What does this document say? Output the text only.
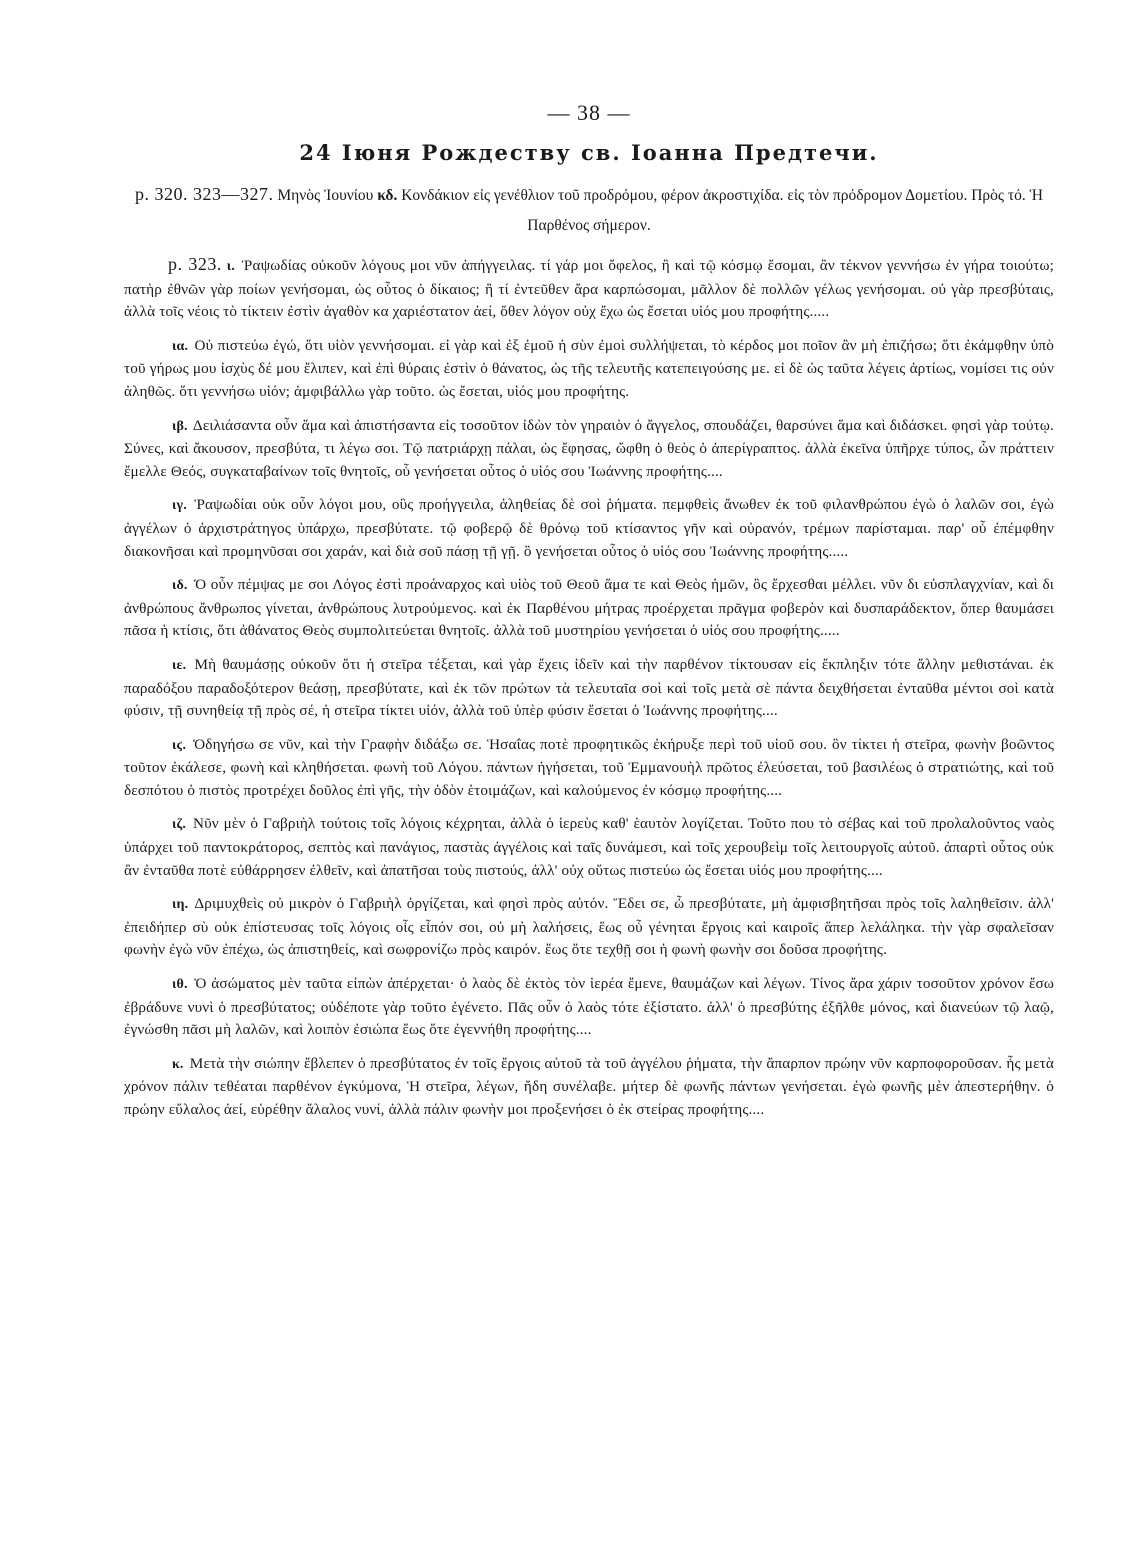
— 38 —
24 Іюня Рождеству св. Іоанна Предтечи.
p. 320. 323—327. Μηνὸς Ἰουνίου κδ. Κονδάκιον εἰς γενέθλιον τοῦ προδρόμου, φέρον ἀκροστιχίδα. εἰς τὸν πρόδρομον Δομετίου. Πρὸς τό. Ἡ Παρθένος σήμερον.
p. 323. ι. Ῥαψωδίας οὐκοῦν λόγους μοι νῦν ἀπήγγειλας. τί γάρ μοι ὄφελος, ἢ καὶ τῷ κόσμῳ ἔσομαι, ἂν τέκνον γεννήσω ἐν γήρα τοιούτω; πατὴρ ἐθνῶν γὰρ ποίων γενήσομαι, ὡς οὗτος ὁ δίκαιος; ἢ τί ἐντεῦθεν ἄρα καρπώσομαι, μᾶλλον δὲ πολλῶν γέλως γενήσομαι. οὐ γὰρ πρεσβύταις, ἀλλὰ τοῖς νέοις τὸ τίκτειν ἐστὶν ἀγαθὸν κα χαριέστατον ἀεί, ὅθεν λόγον οὐχ ἔχω ὡς ἔσεται υἱός μου προφήτης.....
ια. Οὐ πιστεύω ἐγώ, ὅτι υἱὸν γεννήσομαι. εἰ γὰρ καὶ ἐξ ἐμοῦ ἡ σὺν ἐμοὶ συλλήψεται, τὸ κέρδος μοι ποῖον ἂν μὴ ἐπιζήσω; ὅτι ἐκάμφθην ὑπὸ τοῦ γήρως μου ἰσχὺς δέ μου ἔλιπεν, καὶ ἐπὶ θύραις ἐστὶν ὁ θάνατος, ὡς τῆς τελευτῆς κατεπειγούσης με. εἰ δὲ ὡς ταῦτα λέγεις ἀρτίως, νομίσει τις οὐν ἀληθῶς. ὅτι γεννήσω υἱόν; ἀμφιβάλλω γὰρ τοῦτο. ὡς ἔσεται, υἱός μου προφήτης.
ιβ. Δειλιάσαντα οὖν ἅμα καὶ ἀπιστήσαντα εἰς τοσοῦτον ἰδὼν τὸν γηραιὸν ὁ ἄγγελος, σπουδάζει, θαρσύνει ἅμα καὶ διδάσκει. φησὶ γὰρ τούτῳ. Σύνες, καὶ ἄκουσον, πρεσβύτα, τι λέγω σοι. Τῷ πατριάρχῃ πάλαι, ὡς ἔφησας, ὤφθη ὁ θεὸς ὁ ἀπερίγραπτος. ἀλλὰ ἐκεῖνα ὑπῆρχε τύπος, ὧν πράττειν ἔμελλε Θεός, συγκαταβαίνων τοῖς θνητοῖς, οὗ γενήσεται οὗτος ὁ υἱός σου Ἰωάννης προφήτης....
ιγ. Ῥαψωδίαι οὐκ οὖν λόγοι μου, οὓς προήγγειλα, ἀληθείας δὲ σοὶ ῥήματα. πεμφθεὶς ἄνωθεν ἐκ τοῦ φιλανθρώπου ἐγὼ ὁ λαλῶν σοι, ἐγὼ ἀγγέλων ὁ ἀρχιστράτηγος ὑπάρχω, πρεσβύτατε. τῷ φοβερῷ δὲ θρόνῳ τοῦ κτίσαντος γῆν καὶ οὐρανόν, τρέμων παρίσταμαι. παρ' οὗ ἐπέμφθην διακονῆσαι καὶ προμηνῦσαι σοι χαράν, καὶ διὰ σοῦ πάσῃ τῇ γῇ. ὃ γενήσεται οὗτος ὁ υἱός σου Ἰωάννης προφήτης.....
ιδ. Ὁ οὖν πέμψας με σοι Λόγος ἐστὶ προάναρχος καὶ υἱὸς τοῦ Θεοῦ ἅμα τε καὶ Θεὸς ἡμῶν, ὃς ἔρχεσθαι μέλλει. νῦν δι εὐσπλαγχνίαν, καὶ δι ἀνθρώπους ἄνθρωπος γίνεται, ἀνθρώπους λυτρούμενος. καὶ ἐκ Παρθένου μήτρας προέρχεται πρᾶγμα φοβερὸν καὶ δυσπαράδεκτον, ὅπερ θαυμάσει πᾶσα ἡ κτίσις, ὅτι ἀθάνατος Θεὸς συμπολιτεύεται θνητοῖς. ἀλλὰ τοῦ μυστηρίου γενήσεται ὁ υἱός σου προφήτης.....
ιε. Μὴ θαυμάσῃς οὐκοῦν ὅτι ἡ στεῖρα τέξεται, καὶ γὰρ ἔχεις ἰδεῖν καὶ τὴν παρθένον τίκτουσαν εἰς ἔκπληξιν τότε ἄλλην μεθιστάναι. ἐκ παραδόξου παραδοξότερον θεάσῃ, πρεσβύτατε, καὶ ἐκ τῶν πρώτων τὰ τελευταῖα σοὶ καὶ τοῖς μετὰ σὲ πάντα δειχθήσεται ἐνταῦθα μέντοι σοὶ κατὰ φύσιν, τῇ συνηθείᾳ τῇ πρὸς σέ, ἡ στεῖρα τίκτει υἱόν, ἀλλὰ τοῦ ὑπὲρ φύσιν ἔσεται ὁ Ἰωάννης προφήτης....
ιϛ. Ὁδηγήσω σε νῦν, καὶ τὴν Γραφὴν διδάξω σε. Ἡσαΐας ποτὲ προφητικῶς ἐκήρυξε περὶ τοῦ υἱοῦ σου. ὃν τίκτει ἡ στεῖρα, φωνὴν βοῶντος τοῦτον ἐκάλεσε, φωνὴ καὶ κληθήσεται. φωνὴ τοῦ Λόγου. πάντων ἡγήσεται, τοῦ Ἐμμανουὴλ πρῶτος ἐλεύσεται, τοῦ βασιλέως ὁ στρατιώτης, καὶ τοῦ δεσπότου ὁ πιστὸς προτρέχει δοῦλος ἐπὶ γῆς, τὴν ὁδὸν ἑτοιμάζων, καὶ καλούμενος ἐν κόσμῳ προφήτης....
ιζ. Νῦν μὲν ὁ Γαβριὴλ τούτοις τοῖς λόγοις κέχρηται, ἀλλὰ ὁ ἱερεὺς καθ' ἑαυτὸν λογίζεται. Τοῦτο που τὸ σέβας καὶ τοῦ προλαλοῦντος ναὸς ὑπάρχει τοῦ παντοκράτορος, σεπτὸς καὶ πανάγιος, παστὰς ἀγγέλοις καὶ ταῖς δυνάμεσι, καὶ τοῖς χερουβεὶμ τοῖς λειτουργοῖς αὐτοῦ. ἀπαρτὶ οὗτος οὐκ ἂν ἐνταῦθα ποτὲ εὐθάρρησεν ἐλθεῖν, καὶ ἀπατῆσαι τοὺς πιστούς, ἀλλ' οὐχ οὕτως πιστεύω ὡς ἔσεται υἱός μου προφήτης....
ιη. Δριμυχθεὶς οὐ μικρὸν ὁ Γαβριὴλ ὀργίζεται, καὶ φησὶ πρὸς αὐτόν. Ἔδει σε, ὦ πρεσβύτατε, μὴ ἀμφισβητῆσαι πρὸς τοῖς λαληθεῖσιν. ἀλλ' ἐπειδήπερ σὺ οὐκ ἐπίστευσας τοῖς λόγοις οἷς εἶπόν σοι, οὐ μὴ λαλήσεις, ἕως οὗ γένηται ἔργοις καὶ καιροῖς ἅπερ λελάληκα. τὴν γὰρ σφαλεῖσαν φωνὴν ἐγὼ νῦν ἐπέχω, ὡς ἀπιστηθείς, καὶ σωφρονίζω πρὸς καιρόν. ἕως ὅτε τεχθῇ σοι ἡ φωνὴ φωνὴν σοι δοῦσα προφήτης.
ιθ. Ὁ ἀσώματος μὲν ταῦτα εἰπὼν ἀπέρχεται· ὁ λαὸς δὲ ἐκτὸς τὸν ἱερέα ἔμενε, θαυμάζων καὶ λέγων. Τίνος ἄρα χάριν τοσοῦτον χρόνον ἔσω ἐβράδυνε νυνὶ ὁ πρεσβύτατος; οὐδέποτε γὰρ τοῦτο ἐγένετο. Πᾶς οὖν ὁ λαὸς τότε ἐξίστατο. ἀλλ' ὁ πρεσβύτης ἐξῆλθε μόνος, καὶ διανεύων τῷ λαῷ, ἐγνώσθη πᾶσι μὴ λαλῶν, καὶ λοιπὸν ἐσιώπα ἕως ὅτε ἐγεννήθη προφήτης....
κ. Μετὰ τὴν σιώπην ἔβλεπεν ὁ πρεσβύτατος ἐν τοῖς ἔργοις αὐτοῦ τὰ τοῦ ἀγγέλου ῥήματα, τὴν ἄπαρπον πρώην νῦν καρποφοροῦσαν. ἧς μετὰ χρόνον πάλιν τεθέαται παρθένον ἐγκύμονα, Ἡ στεῖρα, λέγων, ἤδη συνέλαβε. μήτερ δὲ φωνῆς πάντων γενήσεται. ἐγὼ φωνῆς μὲν ἀπεστερήθην. ὁ πρώην εὔλαλος ἀεί, εὑρέθην ἄλαλος νυνί, ἀλλὰ πάλιν φωνὴν μοι προξενήσει ὁ ἐκ στείρας προφήτης....
